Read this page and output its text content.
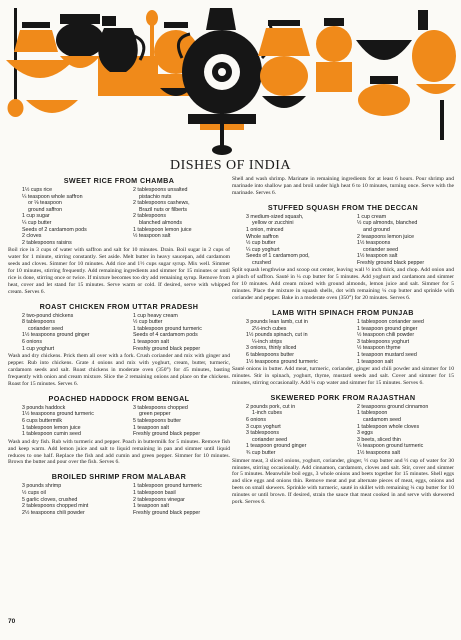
DISHES OF INDIA
SWEET RICE FROM CHAMBA
1½ cups rice
¼ teaspoon whole saffron
or ⅛ teaspoon
ground saffron
1 cup sugar
¼ cup butter
Seeds of 2 cardamom pods
2 cloves
2 tablespoons raisins
2 tablespoons unsalted
pistachio nuts
2 tablespoons cashews,
Brazil nuts or filberts
2 tablespoons
blanched almonds
1 tablespoon lemon juice
½ teaspoon salt

Boil rice in 3 cups of water with saffron and salt for 10 minutes. Drain. Boil sugar in 2 cups of water for 1 minute, stirring constantly. Set aside. Melt butter in heavy saucepan, add cardamom seeds and cloves. Simmer for 10 minutes. Add rice and 1½ cups sugar syrup. Mix well. Simmer for 10 minutes, stirring frequently. Add remaining ingredients and simmer for 15 minutes or until rice is done, stirring once or twice. If mixture becomes too dry add remaining syrup. Remove from heat, cover and let stand for 15 minutes. Serve warm or cold. If desired, serve with whipped cream. Serves 6.

ROAST CHICKEN FROM UTTAR PRADESH
2 two-pound chickens
8 tablespoons
coriander seed
1½ teaspoons ground ginger
6 onions
1 cup yoghurt
1 cup heavy cream
½ cup butter
1 tablespoon ground turmeric
Seeds of 4 cardamom pods
1 teaspoon salt
Freshly ground black pepper

Wash and dry chickens. Prick them all over with a fork. Crush coriander and mix with ginger and pepper. Rub into chickens. Grate 4 onions and mix with yoghurt, cream, butter, turmeric, cardamom seeds and salt. Roast chickens in moderate oven (350°) for 45 minutes, basting frequently with onion and cream mixture. Slice the 2 remaining onions and place on the chickens. Roast for 15 minutes. Serves 6.

POACHED HADDOCK FROM BENGAL
3 pounds haddock
1½ teaspoons ground turmeric
6 cups buttermilk
1 tablespoon lemon juice
1 tablespoon cumin seed
3 tablespoons chopped
green pepper
5 tablespoons butter
1 teaspoon salt
Freshly ground black pepper

Wash and dry fish. Rub with turmeric and pepper. Poach in buttermilk for 5 minutes. Remove fish and keep warm. Add lemon juice and salt to liquid remaining in pan and simmer until liquid reduces to one half. Replace the fish and add cumin and green pepper. Simmer for 10 minutes. Brown the butter and pour over the fish. Serves 6.

BROILED SHRIMP FROM MALABAR
3 pounds shrimp
½ cups oil
5 garlic cloves, crushed
2 tablespoons chopped mint
2½ teaspoons chili powder
1 tablespoon ground turmeric
1 tablespoon basil
2 tablespoons vinegar
1 teaspoon salt
Freshly ground black pepper

Shell and wash shrimp. Marinate in remaining ingredients for at least 6 hours. Pour shrimp and marinade into shallow pan and broil under high heat 6 to 10 minutes, turning once. Serve with the marinade. Serves 6.

STUFFED SQUASH FROM THE DECCAN
3 medium-sized squash,
yellow or zucchini
1 onion, minced
Whole saffron
½ cup butter
¼ cup yoghurt
Seeds of 1 cardamom pod,
crushed
1 cup cream
½ cup almonds, blanched
and ground
2 teaspoons lemon juice
1½ teaspoons
coriander seed
1½ teaspoon salt
Freshly ground black pepper

Split squash lengthwise and scoop out center, leaving wall ½ inch thick, and chop. Add onion and a pinch of saffron. Sauté in ¼ cup butter for 5 minutes. Add yoghurt and cardamom and simmer for 10 minutes. Add cream mixed with ground almonds, lemon juice and salt. Simmer for 5 minutes. Place the mixture in squash shells, dot with remaining ¼ cup butter and sprinkle with coriander and pepper. Bake in a moderate oven (350°) for 20 minutes. Serves 6.

LAMB WITH SPINACH FROM PUNJAB
3 pounds lean lamb, cut in
2½-inch cubes
1½ pounds spinach, cut in
¼-inch strips
3 onions, thinly sliced
6 tablespoons butter
1½ teaspoons ground turmeric
1 tablespoon coriander seed
1 teaspoon ground ginger
½ teaspoon chili powder
3 tablespoons yoghurt
½ teaspoon thyme
1 teaspoon mustard seed
1 teaspoon salt

Sauté onions in butter. Add meat, turmeric, coriander, ginger and chili powder and simmer for 10 minutes. Stir in spinach, yoghurt, thyme, mustard seeds and salt. Cover and simmer for 15 minutes, stirring occasionally. Add ¼ cup water and simmer for 15 minutes. Serves 6.

SKEWERED PORK FROM RAJASTHAN
2 pounds pork, cut in
1-inch cubes
6 onions
3 cups yoghurt
3 tablespoons
coriander seed
1 teaspoon ground ginger
¾ cup butter
2 teaspoons ground cinnamon
1 tablespoon
cardamom seed
1 tablespoon whole cloves
3 eggs
3 beets, sliced thin
¼ teaspoon ground turmeric
1½ teaspoons salt

Simmer meat, 3 sliced onions, yoghurt, coriander, ginger, ½ cup butter and ½ cup of water for 30 minutes, stirring occasionally. Add cinnamon, cardamom, cloves and salt. Stir, cover and simmer for 5 minutes. Meanwhile boil eggs, 3 whole onions and beets together for 15 minutes. Shell eggs and slice eggs and onions thin. Remove meat and put alternate pieces of meat, eggs, onions and beets on small skewers. Sprinkle with turmeric, sauté in skillet with remaining ¼ cup butter for 10 minutes or until brown. If desired, strain the sauce that meat cooked in and serve with skewered pork. Serves 6.

70
